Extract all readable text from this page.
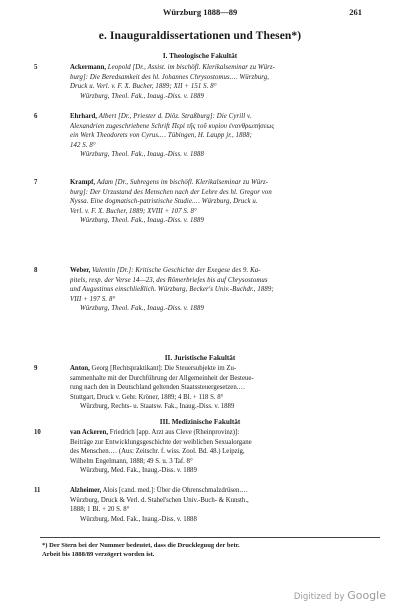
Würzburg 1888—89	261
e. Inauguraldissertationen und Thesen*)
I. Theologische Fakultät
II. Juristische Fakultät
III. Medizinische Fakultät
5	Ackermann, Leopold [Dr., Assist. im bischöfl. Klerikalseminar zu Würz-
burg]: Die Beredsamkeit des hl. Johannes Chrysostomus.… Würzburg,
Druck u. Verl. v. F. X. Bucher, 1889; XII + 151 S. 8°
Würzburg, Theol. Fak., Inaug.-Diss. v. 1889
6	Ehrhard, Albert [Dr., Priester d. Diöz. Straßburg]: Die Cyrill v.
Alexandrien zugeschriebene Schrift Περὶ τῆς τοῦ κυρίου ἐνανθρωπήσεως
ein Werk Theodorets von Cyrus.… Tübingen, H. Laupp jr., 1888;
142 S. 8°
Würzburg, Theol. Fak., Inaug.-Diss. v. 1888
7	Krampf, Adam [Dr., Subregens im bischöfl. Klerikalseminar zu Würz-
burg]: Der Urzustand des Menschen nach der Lehre des hl. Gregor von
Nyssa. Eine dogmatisch-patristische Studie.… Würzburg, Druck u.
Verl. v. F. X. Bucher, 1889; XVIII + 107 S. 8°
Würzburg, Theol. Fak., Inaug.-Diss. v. 1889
8	Weber, Valentin [Dr.]: Kritische Geschichte der Exegese des 9. Ka-
pitels, resp. der Verse 14—23, des Römerbriefes bis auf Chrysostomus
und Augustinus einschließlich. Würzburg, Becker's Univ.-Buchdr., 1889;
VIII + 197 S. 8°
Würzburg, Theol. Fak., Inaug.-Diss. v. 1889
9	Anton, Georg [Rechtspraktikant]: Die Steuersubjekte im Zu-
sammenhalte mit der Durchführung der Allgemeinheit der Besteue-
rung nach den in Deutschland geltenden Staatssteuergesetzen.…
Stuttgart, Druck v. Gebr. Kröner, 1889; 4 Bl. + 118 S. 8°
Würzburg, Rechts- u. Staatsw. Fak., Inaug.-Diss. v. 1889
10	van Ackeren, Friedrich [app. Arzt aus Cleve (Rheinprovinz)]:
Beiträge zur Entwicklungsgeschichte der weiblichen Sexualorgane
des Menschen.… (Aus: Zeitschr. f. wiss. Zool. Bd. 48.) Leipzig,
Wilhelm Engelmann, 1888; 49 S. u. 3 Taf. 8°
Würzburg, Med. Fak., Inaug.-Diss. v. 1889
11	Alzheimer, Alois [cand. med.]: Über die Ohrenschmalzdrüsen.…
Würzburg, Druck & Verl. d. Stahel'schen Univ.-Buch- & Kunsth.,
1888; 1 Bl. + 20 S. 8°
Würzburg, Med. Fak., Inaug.-Diss. v. 1888
*) Der Stern bei der Nummer bedeutet, dass die Druckleguug der betr.
Arbeit bis 1888/89 verzögert worden ist.
Digitized by Google
